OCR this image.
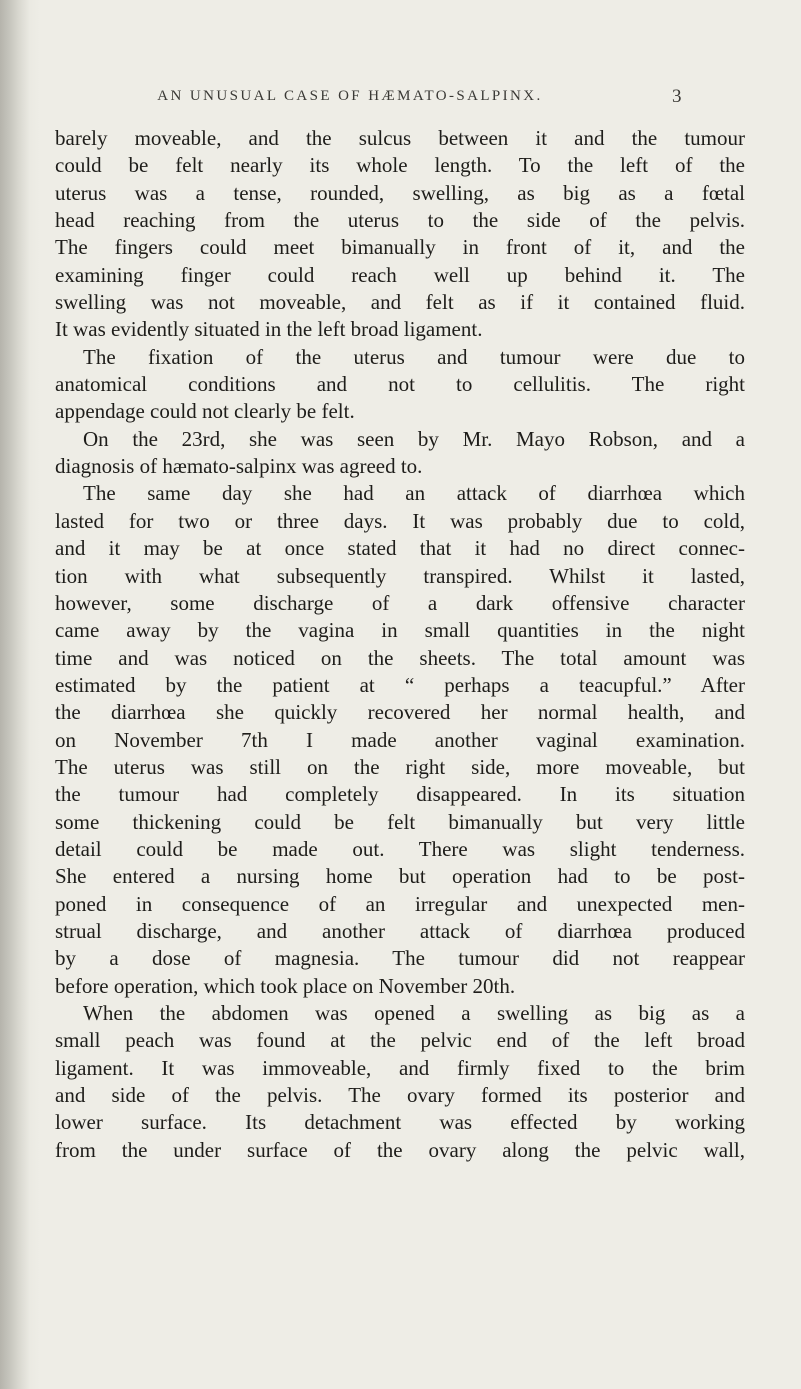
AN UNUSUAL CASE OF HÆMATO-SALPINX.	3
barely moveable, and the sulcus between it and the tumour
could be felt nearly its whole length. To the left of the
uterus was a tense, rounded, swelling, as big as a fœtal
head reaching from the uterus to the side of the pelvis.
The fingers could meet bimanually in front of it, and the
examining finger could reach well up behind it. The
swelling was not moveable, and felt as if it contained fluid.
It was evidently situated in the left broad ligament.
The fixation of the uterus and tumour were due to
anatomical conditions and not to cellulitis. The right
appendage could not clearly be felt.
On the 23rd, she was seen by Mr. Mayo Robson, and a
diagnosis of hæmato-salpinx was agreed to.
The same day she had an attack of diarrhœa which
lasted for two or three days. It was probably due to cold,
and it may be at once stated that it had no direct connec-
tion with what subsequently transpired. Whilst it lasted,
however, some discharge of a dark offensive character
came away by the vagina in small quantities in the night
time and was noticed on the sheets. The total amount was
estimated by the patient at “ perhaps a teacupful.” After
the diarrhœa she quickly recovered her normal health, and
on November 7th I made another vaginal examination.
The uterus was still on the right side, more moveable, but
the tumour had completely disappeared. In its situation
some thickening could be felt bimanually but very little
detail could be made out. There was slight tenderness.
She entered a nursing home but operation had to be post-
poned in consequence of an irregular and unexpected men-
strual discharge, and another attack of diarrhœa produced
by a dose of magnesia. The tumour did not reappear
before operation, which took place on November 20th.
When the abdomen was opened a swelling as big as a
small peach was found at the pelvic end of the left broad
ligament. It was immoveable, and firmly fixed to the brim
and side of the pelvis. The ovary formed its posterior and
lower surface. Its detachment was effected by working
from the under surface of the ovary along the pelvic wall,
